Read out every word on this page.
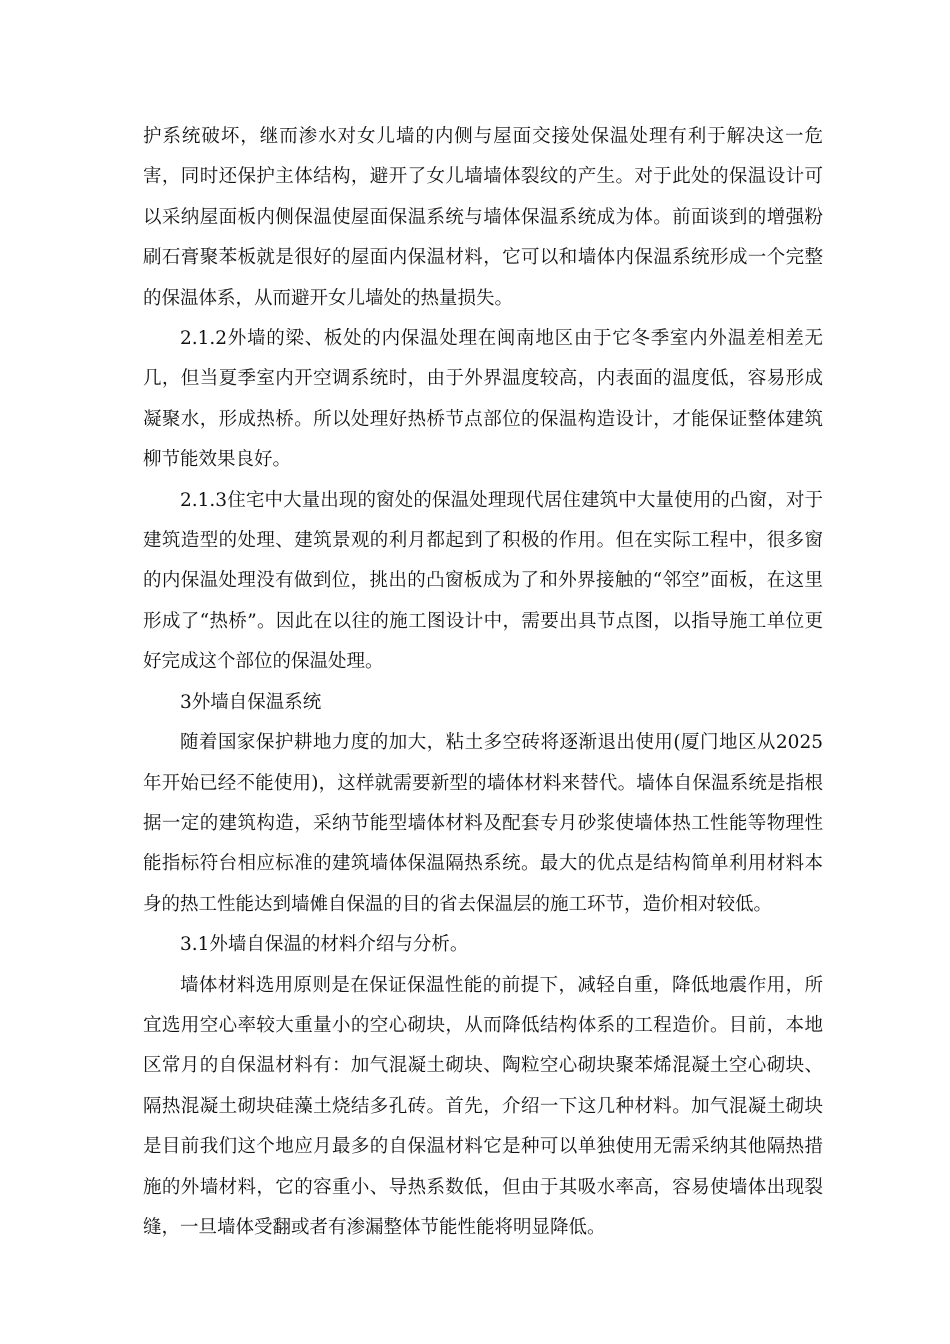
护系统破坏，继而渗水对女儿墙的内侧与屋面交接处保温处理有利于解决这一危害，同时还保护主体结构，避开了女儿墙墙体裂纹的产生。对于此处的保温设计可以采纳屋面板内侧保温使屋面保温系统与墙体保温系统成为体。前面谈到的增强粉刷石膏聚苯板就是很好的屋面内保温材料，它可以和墙体内保温系统形成一个完整的保温体系，从而避开女儿墙处的热量损失。

2.1.2外墙的梁、板处的内保温处理在闽南地区由于它冬季室内外温差相差无几，但当夏季室内开空调系统时，由于外界温度较高，内表面的温度低，容易形成凝聚水，形成热桥。所以处理好热桥节点部位的保温构造设计，才能保证整体建筑柳节能效果良好。

2.1.3住宅中大量出现的窗处的保温处理现代居住建筑中大量使用的凸窗，对于建筑造型的处理、建筑景观的利月都起到了积极的作用。但在实际工程中，很多窗的内保温处理没有做到位，挑出的凸窗板成为了和外界接触的“邻空”面板，在这里形成了“热桥”。因此在以往的施工图设计中，需要出具节点图，以指导施工单位更好完成这个部位的保温处理。

3外墙自保温系统

随着国家保护耕地力度的加大，粘土多空砖将逐渐退出使用(厦门地区从2025年开始已经不能使用)，这样就需要新型的墙体材料来替代。墙体自保温系统是指根据一定的建筑构造，采纳节能型墙体材料及配套专月砂浆使墙体热工性能等物理性能指标符台相应标准的建筑墙体保温隔热系统。最大的优点是结构简单利用材料本身的热工性能达到墙傩自保温的目的省去保温层的施工环节，造价相对较低。

3.1外墙自保温的材料介绍与分析。

墙体材料选用原则是在保证保温性能的前提下，减轻自重，降低地震作用，所宜选用空心率较大重量小的空心砌块，从而降低结构体系的工程造价。目前，本地区常月的自保温材料有：加气混凝土砌块、陶粒空心砌块聚苯烯混凝土空心砌块、隔热混凝土砌块硅藻土烧结多孔砖。首先，介绍一下这几种材料。加气混凝土砌块是目前我们这个地应月最多的自保温材料它是种可以单独使用无需采纳其他隔热措施的外墙材料，它的容重小、导热系数低，但由于其吸水率高，容易使墙体出现裂缝，一旦墙体受翻或者有渗漏整体节能性能将明显降低。
